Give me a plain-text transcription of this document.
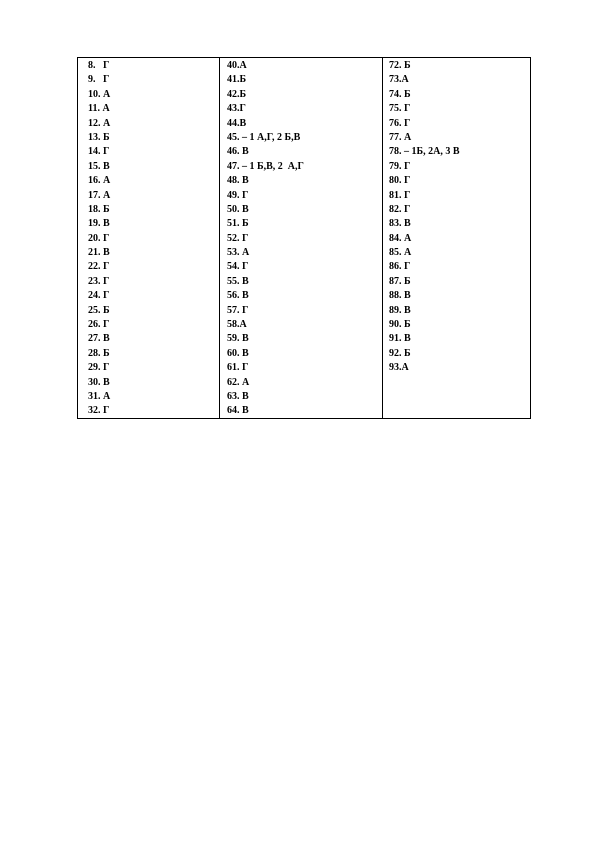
8.   Г
9.   Г
10. А
11. А
12. А
13. Б
14. Г
15. В
16. А
17. А
18. Б
19. В
20. Г
21. В
22. Г
23. Г
24. Г
25. Б
26. Г
27. В
28. Б
29. Г
30. В
31. А
32. Г
40.А
41.Б
42.Б
43.Г
44.В
45. – 1 А,Г, 2 Б,В
46. В
47. – 1 Б,В, 2  А,Г
48. В
49. Г
50. В
51. Б
52. Г
53. А
54. Г
55. В
56. В
57. Г
58.А
59. В
60. В
61. Г
62. А
63. В
64. В
72. Б
73.А
74. Б
75. Г
76. Г
77. А
78. – 1Б, 2А, 3 В
79. Г
80. Г
81. Г
82. Г
83. В
84. А
85. А
86. Г
87. Б
88. В
89. В
90. Б
91. В
92. Б
93.А
